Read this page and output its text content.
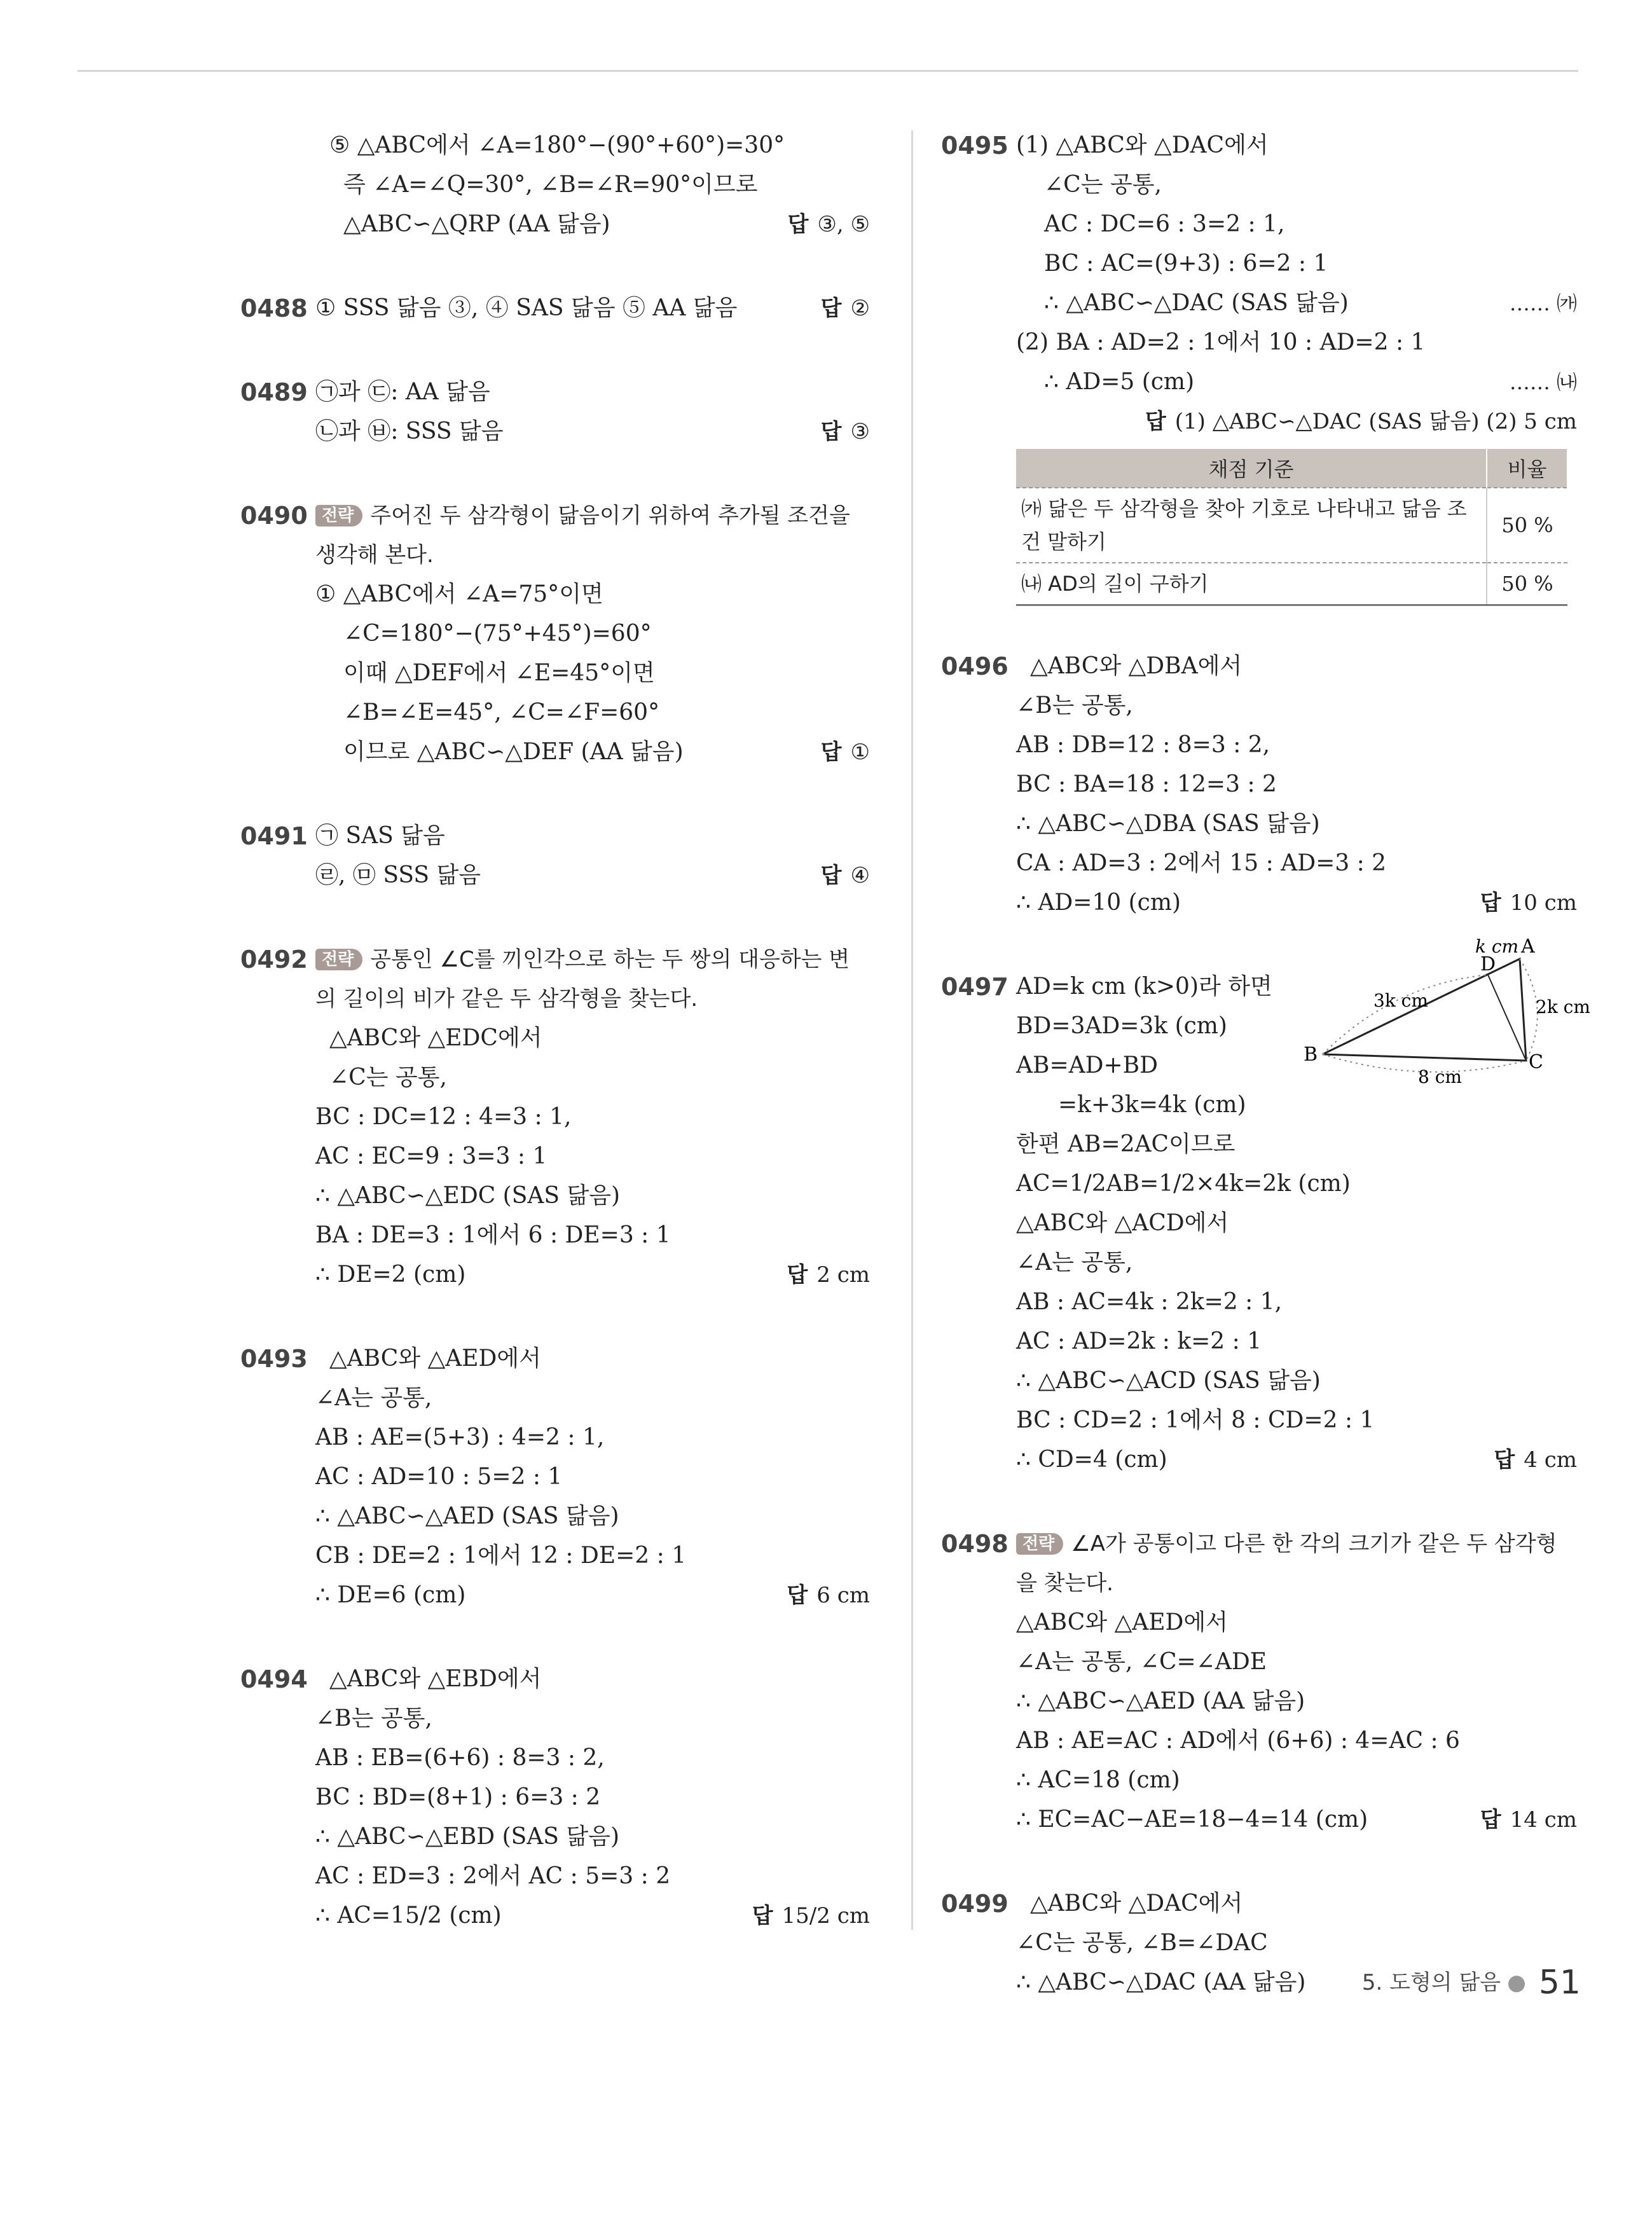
⑤ △ABC에서 ∠A=180°−(90°+60°)=30°
즉 ∠A=∠Q=30°, ∠B=∠R=90°이므로
△ABC∽△QRP (AA 닮음)	답 ③, ⑤
0488 ① SSS 닮음 ③, ④ SAS 닮음 ⑤ AA 닮음	답 ②
0489 ㉠과 ㉢: AA 닮음
㉡과 ㉥: SSS 닮음	답 ③
0490 전략 주어진 두 삼각형이 닮음이기 위하여 추가될 조건을 생각해 본다.
① △ABC에서 ∠A=75°이면
∠C=180°−(75°+45°)=60°
이때 △DEF에서 ∠E=45°이면
∠B=∠E=45°, ∠C=∠F=60°
이므로 △ABC∽△DEF (AA 닮음)	답 ①
0491 ㉠ SAS 닮음
㉣, ㉤ SSS 닮음	답 ④
0492 전략 공통인 ∠C를 끼인각으로 하는 두 쌍의 대응하는 변의 길이의 비가 같은 두 삼각형을 찾는다.
△ABC와 △EDC에서
∠C는 공통,
BC : DC=12 : 4=3 : 1,
AC : EC=9 : 3=3 : 1
∴ △ABC∽△EDC (SAS 닮음)
BA : DE=3 : 1에서 6 : DE=3 : 1
∴ DE=2 (cm)	답 2 cm
0493 △ABC와 △AED에서
∠A는 공통,
AB : AE=(5+3) : 4=2 : 1,
AC : AD=10 : 5=2 : 1
∴ △ABC∽△AED (SAS 닮음)
CB : DE=2 : 1에서 12 : DE=2 : 1
∴ DE=6 (cm)	답 6 cm
0494 △ABC와 △EBD에서
∠B는 공통,
AB : EB=(6+6) : 8=3 : 2,
BC : BD=(8+1) : 6=3 : 2
∴ △ABC∽△EBD (SAS 닮음)
AC : ED=3 : 2에서 AC : 5=3 : 2
∴ AC=15/2 (cm)	답 15/2 cm
0495 (1) △ABC와 △DAC에서
∠C는 공통,
AC : DC=6 : 3=2 : 1,
BC : AC=(9+3) : 6=2 : 1
∴ △ABC∽△DAC (SAS 닮음)	…… ㈎
(2) BA : AD=2 : 1에서 10 : AD=2 : 1
∴ AD=5 (cm)	…… ㈏
답 (1) △ABC∽△DAC (SAS 닮음) (2) 5 cm
채점 기준	비율
㈎ 닮은 두 삼각형을 찾아 기호로 나타내고 닮음 조건 말하기	50 %
㈏ AD의 길이 구하기	50 %
0496 △ABC와 △DBA에서
∠B는 공통,
AB : DB=12 : 8=3 : 2,
BC : BA=18 : 12=3 : 2
∴ △ABC∽△DBA (SAS 닮음)
CA : AD=3 : 2에서 15 : AD=3 : 2
∴ AD=10 (cm)	답 10 cm
0497 AD=k cm (k>0)라 하면
BD=3AD=3k (cm)
AB=AD+BD
=k+3k=4k (cm)
한편 AB=2AC이므로
AC=1/2AB=1/2×4k=2k (cm)
△ABC와 △ACD에서
∠A는 공통,
AB : AC=4k : 2k=2 : 1,
AC : AD=2k : k=2 : 1
∴ △ABC∽△ACD (SAS 닮음)
BC : CD=2 : 1에서 8 : CD=2 : 1
∴ CD=4 (cm)	답 4 cm
0498 전략 ∠A가 공통이고 다른 한 각의 크기가 같은 두 삼각형을 찾는다.
△ABC와 △AED에서
∠A는 공통, ∠C=∠ADE
∴ △ABC∽△AED (AA 닮음)
AB : AE=AC : AD에서 (6+6) : 4=AC : 6
∴ AC=18 (cm)
∴ EC=AC−AE=18−4=14 (cm)	답 14 cm
0499 △ABC와 △DAC에서
∠C는 공통, ∠B=∠DAC
∴ △ABC∽△DAC (AA 닮음)
A
D
B	C
k cm
3k cm	2k cm
8 cm
5. 도형의 닮음 ● 51
